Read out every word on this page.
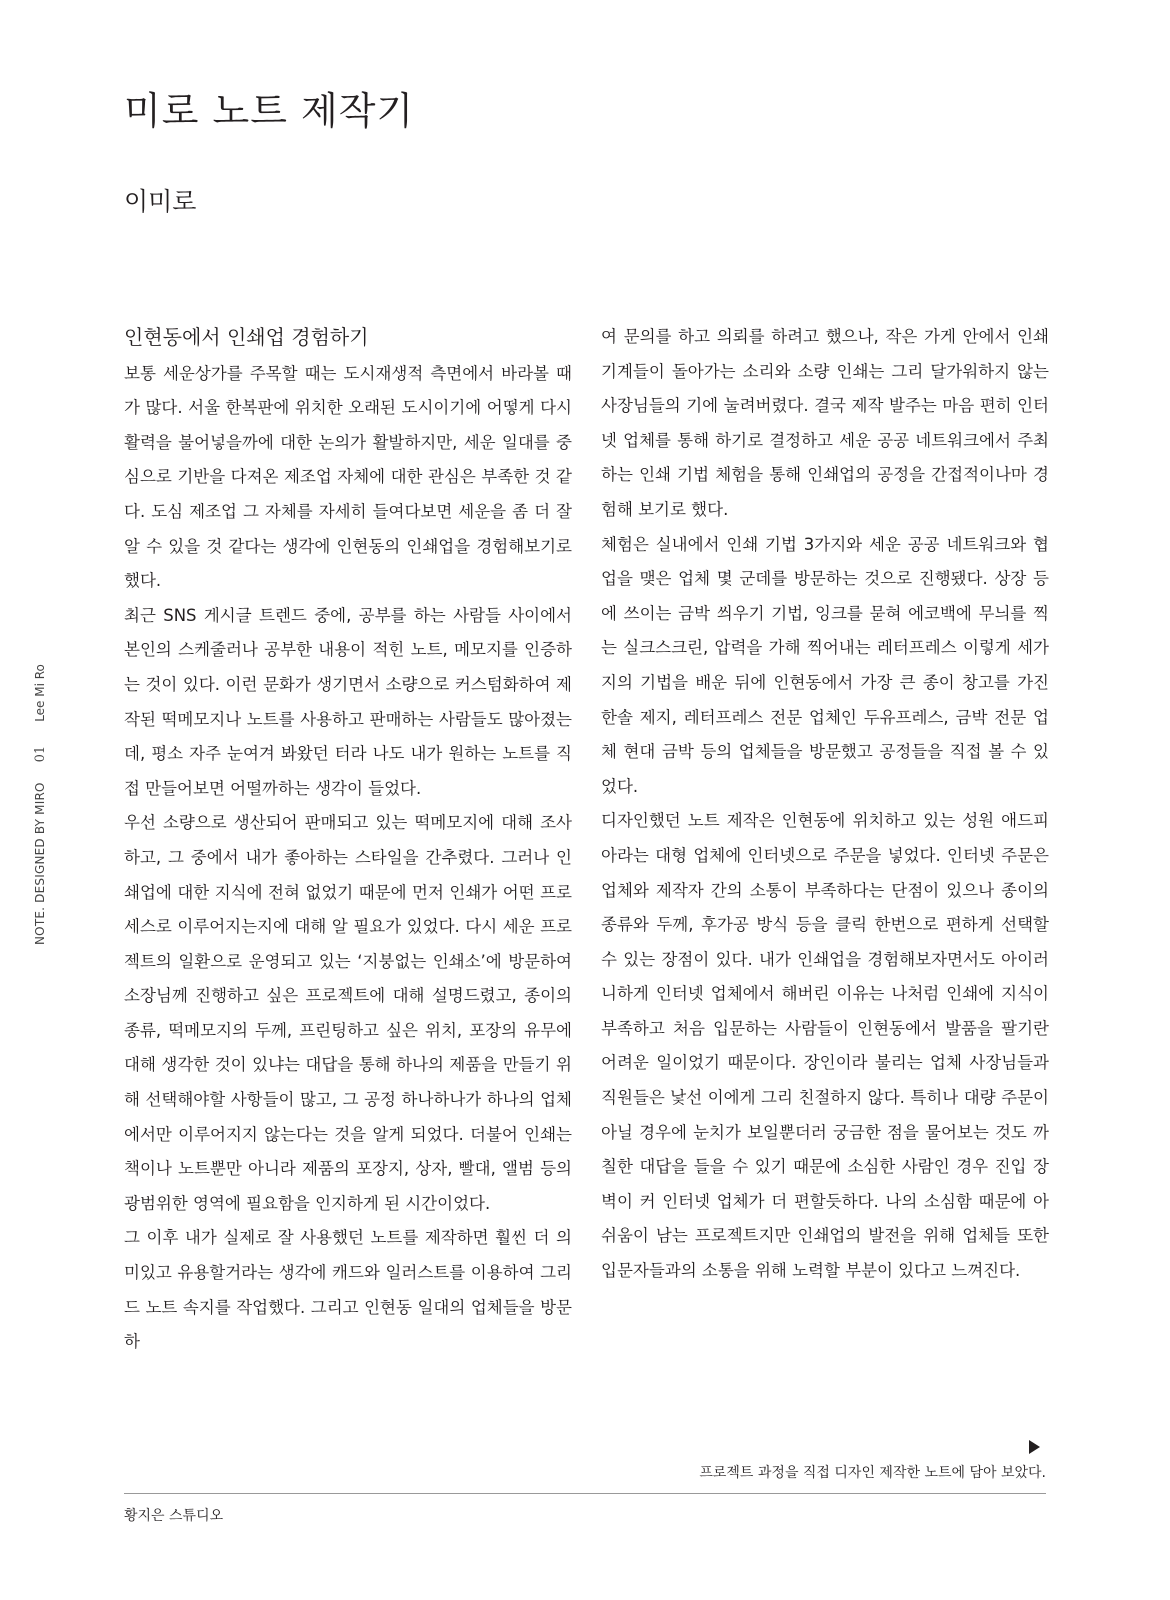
미로 노트 제작기
이미로
NOTE. DESIGNED BY MIRO
01
Lee Mi Ro
인현동에서 인쇄업 경험하기

보통 세운상가를 주목할 때는 도시재생적 측면에서 바라볼 때가 많다. 서울 한복판에 위치한 오래된 도시이기에 어떻게 다시 활력을 불어넣을까에 대한 논의가 활발하지만, 세운 일대를 중심으로 기반을 다져온 제조업 자체에 대한 관심은 부족한 것 같다. 도심 제조업 그 자체를 자세히 들여다보면 세운을 좀 더 잘 알 수 있을 것 같다는 생각에 인현동의 인쇄업을 경험해보기로 했다.

최근 SNS 게시글 트렌드 중에, 공부를 하는 사람들 사이에서 본인의 스케줄러나 공부한 내용이 적힌 노트, 메모지를 인증하는 것이 있다. 이런 문화가 생기면서 소량으로 커스텀화하여 제작된 떡메모지나 노트를 사용하고 판매하는 사람들도 많아졌는데, 평소 자주 눈여겨 봐왔던 터라 나도 내가 원하는 노트를 직접 만들어보면 어떨까하는 생각이 들었다.

우선 소량으로 생산되어 판매되고 있는 떡메모지에 대해 조사하고, 그 중에서 내가 좋아하는 스타일을 간추렸다. 그러나 인쇄업에 대한 지식에 전혀 없었기 때문에 먼저 인쇄가 어떤 프로세스로 이루어지는지에 대해 알 필요가 있었다. 다시 세운 프로젝트의 일환으로 운영되고 있는 ‘지붕없는 인쇄소’에 방문하여 소장님께 진행하고 싶은 프로젝트에 대해 설명드렸고, 종이의 종류, 떡메모지의 두께, 프린팅하고 싶은 위치, 포장의 유무에 대해 생각한 것이 있냐는 대답을 통해 하나의 제품을 만들기 위해 선택해야할 사항들이 많고, 그 공정 하나하나가 하나의 업체에서만 이루어지지 않는다는 것을 알게 되었다. 더불어 인쇄는 책이나 노트뿐만 아니라 제품의 포장지, 상자, 빨대, 앨범 등의 광범위한 영역에 필요함을 인지하게 된 시간이었다.

그 이후 내가 실제로 잘 사용했던 노트를 제작하면 훨씬 더 의미있고 유용할거라는 생각에 캐드와 일러스트를 이용하여 그리드 노트 속지를 작업했다. 그리고 인현동 일대의 업체들을 방문하

여 문의를 하고 의뢰를 하려고 했으나, 작은 가게 안에서 인쇄기계들이 돌아가는 소리와 소량 인쇄는 그리 달가워하지 않는 사장님들의 기에 눌려버렸다. 결국 제작 발주는 마음 편히 인터넷 업체를 통해 하기로 결정하고 세운 공공 네트워크에서 주최하는 인쇄 기법 체험을 통해 인쇄업의 공정을 간접적이나마 경험해 보기로 했다.

체험은 실내에서 인쇄 기법 3가지와 세운 공공 네트워크와 협업을 맺은 업체 몇 군데를 방문하는 것으로 진행됐다. 상장 등에 쓰이는 금박 씌우기 기법, 잉크를 묻혀 에코백에 무늬를 찍는 실크스크린, 압력을 가해 찍어내는 레터프레스 이렇게 세가지의 기법을 배운 뒤에 인현동에서 가장 큰 종이 창고를 가진 한솔 제지, 레터프레스 전문 업체인 두유프레스, 금박 전문 업체 현대 금박 등의 업체들을 방문했고 공정들을 직접 볼 수 있었다.

디자인했던 노트 제작은 인현동에 위치하고 있는 성원 애드피아라는 대형 업체에 인터넷으로 주문을 넣었다. 인터넷 주문은 업체와 제작자 간의 소통이 부족하다는 단점이 있으나 종이의 종류와 두께, 후가공 방식 등을 클릭 한번으로 편하게 선택할 수 있는 장점이 있다. 내가 인쇄업을 경험해보자면서도 아이러니하게 인터넷 업체에서 해버린 이유는 나처럼 인쇄에 지식이 부족하고 처음 입문하는 사람들이 인현동에서 발품을 팔기란 어려운 일이었기 때문이다. 장인이라 불리는 업체 사장님들과 직원들은 낯선 이에게 그리 친절하지 않다. 특히나 대량 주문이 아닐 경우에 눈치가 보일뿐더러 궁금한 점을 물어보는 것도 까칠한 대답을 들을 수 있기 때문에 소심한 사람인 경우 진입 장벽이 커 인터넷 업체가 더 편할듯하다. 나의 소심함 때문에 아쉬움이 남는 프로젝트지만 인쇄업의 발전을 위해 업체들 또한 입문자들과의 소통을 위해 노력할 부분이 있다고 느껴진다.

프로젝트 과정을 직접 디자인 제작한 노트에 담아 보았다.
황지은 스튜디오
